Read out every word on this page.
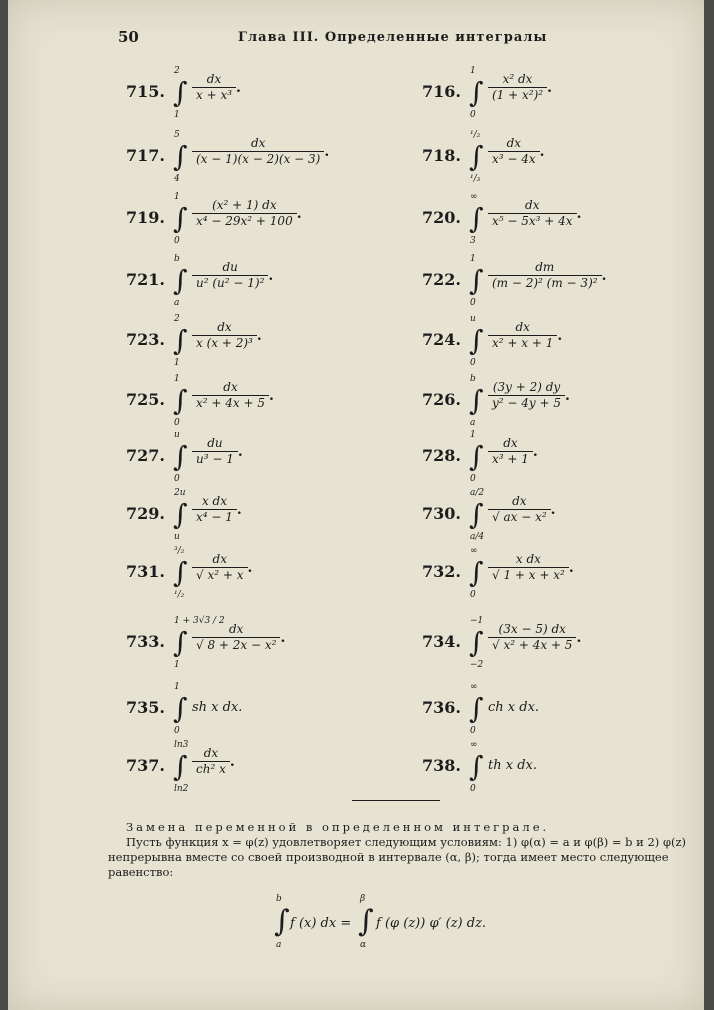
50	Глава III. Определенные интегралы
715.
2
∫
1
$\frac{dx}{\text{x + x³}}$ .	716.
1
∫
0
$\frac{\text{x² dx}}{\text{(1 + x²)²}}$ .
717.
5
∫
4
$\frac{dx}{(x - 1)(x - 2)(x - 3)}$ .	718.
¹/₂
∫
¹/₃
$\frac{dx}{\text{x³ − 4x}}$ .
719.
1
∫
0
$\frac{\text{(x² + 1) dx}}{\text{x⁴ − 29x² + 100}}$ .	720.
∞
∫
3
$\frac{dx}{\text{x⁵ − 5x³ + 4x}}$ .
721.
b
∫
a
$\frac{du}{\text{u² (u² − 1)²}}$ .	722.
1
∫
0
$\frac{dm}{\text{(m − 2)² (m − 3)²}}$ .
723.
2
∫
1
$\frac{dx}{\text{x (x + 2)³}}$ .	724.
u
∫
0
$\frac{dx}{\text{x² + x + 1}}$ .
725.
1
∫
0
$\frac{dx}{\text{x² + 4x + 5}}$ .	726.
b
∫
a
$\frac{(3y + 2) dy}{\text{y² − 4y + 5}}$ .
727.
u
∫
0
$\frac{du}{\text{u³ − 1}}$ .	728.
1
∫
0
$\frac{dx}{\text{x³ + 1}}$ .
729.
2u
∫
u
$\frac{\text{x dx}}{\text{x⁴ − 1}}$ .	730.
a/2
∫
a/4
$\frac{dx}{\text{√ ax − x²}}$ .
731.
³/₂
∫
¹/₂
$\frac{dx}{\text{√ x² + x}}$ .	732.
∞
∫
0
$\frac{\text{x dx}}{\text{√ 1 + x + x²}}$ .
733.
1 + 3√3 / 2
∫
1
$\frac{dx}{\text{√ 8 + 2x − x²}}$ .	734.
−1
∫
−2
$\frac{(3x - 5) dx}{\text{√ x² + 4x + 5}}$ .
735.
1
∫
0
sh x dx.	736.
∞
∫
0
ch x dx.
737.
ln3
∫
ln2
$\frac{dx}{\text{ch² x}}$ .	738.
∞
∫
0
th x dx.

Замена переменной в определенном интеграле.

Пусть функция x = φ(z) удовлетворяет следующим условиям: 1) φ(α) = a и φ(β) = b и 2) φ(z) непрерывна вместе со своей производной в интервале (α, β); тогда имеет место следующее равенство:

b
∫
a
f (x) dx =
β
∫
α
f (φ (z)) φ′ (z) dz.
